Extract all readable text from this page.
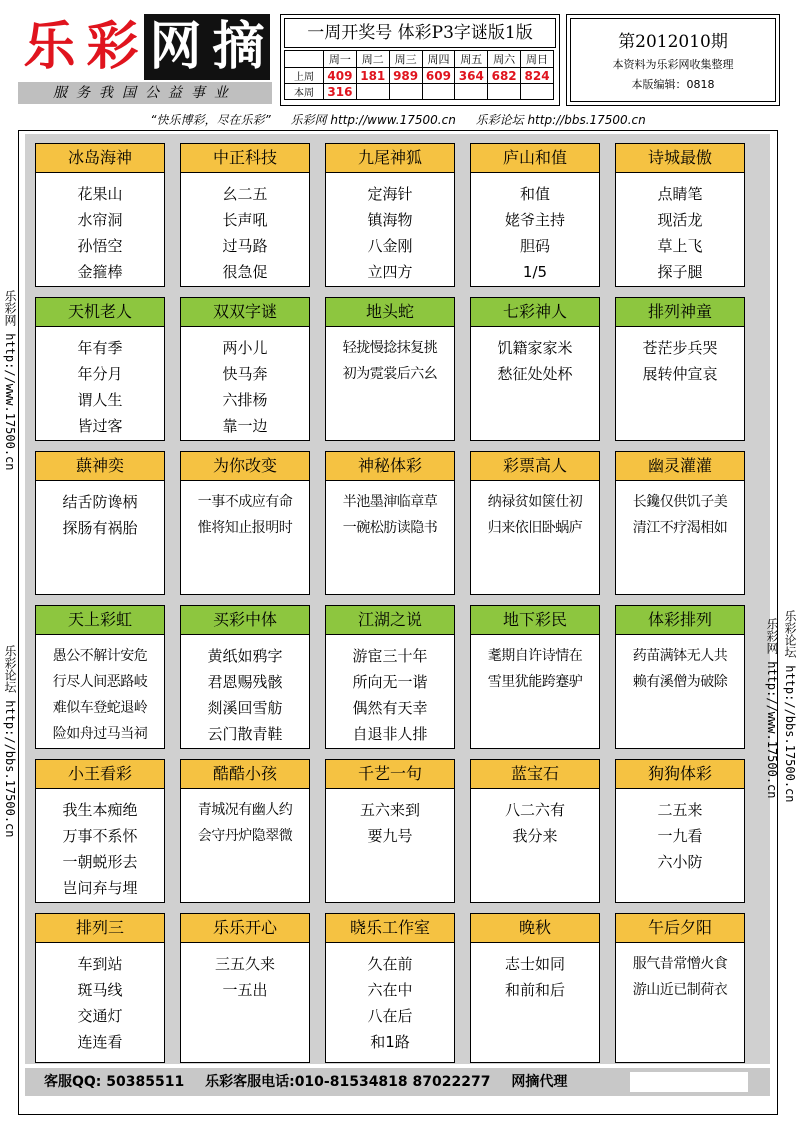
乐 彩 网 摘
服务我国公益事业
一周开奖号 体彩P3字谜版1版
	周一	周二	周三	周四	周五	周六	周日
上周	409	181	989	609	364	682	824
本周	316						
第2012010期
本资料为乐彩网收集整理
本版编辑：0818
“快乐博彩，尽在乐彩” 乐彩网 http://www.17500.cn 乐彩论坛 http://bbs.17500.cn
乐彩网 http://www.17500.cn
乐彩论坛 http://bbs.17500.cn	乐彩网 http://www.17500.cn 乐彩论坛 http://bbs.17500.cn
冰岛海神
花果山
水帘洞
孙悟空
金箍棒
中正科技
幺二五
长声吼
过马路
很急促
九尾神狐
定海针
镇海物
八金刚
立四方
庐山和值
和值
姥爷主持
胆码
1/5
诗城最傲
点睛笔
现活龙
草上飞
探子腿
天机老人
年有季
年分月
谓人生
皆过客
双双字谜
两小儿
快马奔
六排杨
靠一边
地头蛇
轻拢慢捻抹复挑
初为霓裳后六幺
七彩神人
饥籍家家米
愁征处处杯
排列神童
苍茫步兵哭
展转仲宣哀
蕻神奕
结舌防谗柄
探肠有祸胎
为你改变
一事不成应有命
惟将知止报明时
神秘体彩
半池墨渖临章草
一碗松肪读隐书
彩票高人
纳禄贫如箧仕初
归来依旧卧蜗庐
幽灵灌灌
长鑱仅供饥子美
清江不疗渴相如
天上彩虹
愚公不解计安危
行尽人间恶路岐
难似车登蛇退岭
险如舟过马当祠
买彩中体
黄纸如鸦字
君恩赐残骸
剡溪回雪舫
云门散青鞋
江湖之说
游宦三十年
所向无一谐
偶然有天幸
自退非人排
地下彩民
耄期自许诗情在
雪里犹能跨蹇驴
体彩排列
药苗满钵无人共
赖有溪僧为破除
小王看彩
我生本痴绝
万事不系怀
一朝蜕形去
岂问弃与埋
酷酷小孩
青城况有幽人约
会守丹炉隐翠微
千艺一句
五六来到
要九号
蓝宝石
八二六有
我分来
狗狗体彩
二五来
一九看
六小防
排列三
车到站
斑马线
交通灯
连连看
乐乐开心
三五久来
一五出
晓乐工作室
久在前
六在中
八在后
和1路
晚秋
志士如同
和前和后
午后夕阳
服气昔常憎火食
游山近已制荷衣
客服QQ: 50385511 乐彩客服电话:010-81534818 87022277 网摘代理
